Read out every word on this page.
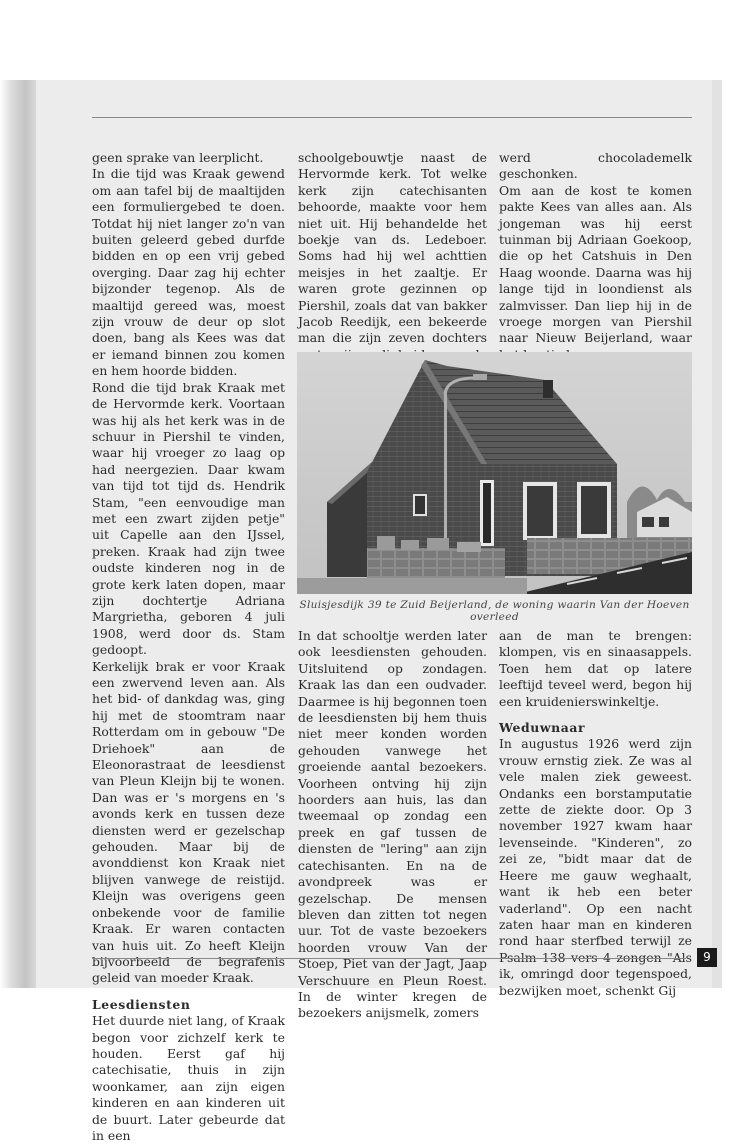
geen sprake van leerplicht.

In die tijd was Kraak gewend om aan tafel bij de maaltijden een formuliergebed te doen. Totdat hij niet langer zo'n van buiten geleerd gebed durfde bidden en op een vrij gebed overging. Daar zag hij echter bijzonder tegenop. Als de maaltijd gereed was, moest zijn vrouw de deur op slot doen, bang als Kees was dat er iemand binnen zou komen en hem hoorde bidden.

Rond die tijd brak Kraak met de Hervormde kerk. Voortaan was hij als het kerk was in de schuur in Piershil te vinden, waar hij vroeger zo laag op had neergezien. Daar kwam van tijd tot tijd ds. Hendrik Stam, "een eenvoudige man met een zwart zijden petje" uit Capelle aan den IJssel, preken. Kraak had zijn twee oudste kinderen nog in de grote kerk laten dopen, maar zijn dochtertje Adriana Margrietha, geboren 4 juli 1908, werd door ds. Stam gedoopt.

Kerkelijk brak er voor Kraak een zwervend leven aan. Als het bid- of dankdag was, ging hij met de stoomtram naar Rotterdam om in gebouw "De Driehoek" aan de Eleonorastraat de leesdienst van Pleun Kleijn bij te wonen. Dan was er 's morgens en 's avonds kerk en tussen deze diensten werd er gezelschap gehouden. Maar bij de avonddienst kon Kraak niet blijven vanwege de reistijd. Kleijn was overigens geen onbekende voor de familie Kraak. Er waren contacten van huis uit. Zo heeft Kleijn bijvoorbeeld de begrafenis geleid van moeder Kraak.

Leesdiensten

Het duurde niet lang, of Kraak begon voor zichzelf kerk te houden. Eerst gaf hij catechisatie, thuis in zijn woonkamer, aan zijn eigen kinderen en aan kinderen uit de buurt. Later gebeurde dat in een

schoolgebouwtje naast de Hervormde kerk. Tot welke kerk zijn catechisanten behoorde, maakte voor hem niet uit. Hij behandelde het boekje van ds. Ledeboer. Soms had hij wel achttien meisjes in het zaaltje. Er waren grote gezinnen op Piershil, zoals dat van bakker Jacob Reedijk, een bekeerde man die zijn zeven dochters

werd chocolademelk geschonken.

Om aan de kost te komen pakte Kees van alles aan. Als jongeman was hij eerst tuinman bij Adriaan Goekoop, die op het Catshuis in Den Haag woonde. Daarna was hij lange tijd in loondienst als zalmvisser. Dan liep hij in de vroege morgen van Piershil naar Nieuw Beijerland, waar

Sluisjesdijk 39 te Zuid Beijerland, de woning waarin Van der Hoeven overleed

In dat schooltje werden later ook leesdiensten gehouden. Uitsluitend op zondagen. Kraak las dan een oudvader. Daarmee is hij begonnen toen de leesdiensten bij hem thuis niet meer konden worden gehouden vanwege het groeiende aantal bezoekers. Voorheen ontving hij zijn hoorders aan huis, las dan tweemaal op zondag een preek en gaf tussen de diensten de "lering" aan zijn catechisanten. En na de avondpreek was er gezelschap. De mensen bleven dan zitten tot negen uur. Tot de vaste bezoekers hoorden vrouw Van der Stoep, Piet van der Jagt, Jaap Verschuure en Pleun Roest. In de winter kregen de bezoekers anijsmelk, zomers

aan de man te brengen: klompen, vis en sinaasappels. Toen hem dat op latere leeftijd teveel werd, begon hij een kruidenierswinkeltje.

Weduwnaar

In augustus 1926 werd zijn vrouw ernstig ziek. Ze was al vele malen ziek geweest. Ondanks een borstamputatie zette de ziekte door. Op 3 november 1927 kwam haar levenseinde. "Kinderen", zo zei ze, "bidt maar dat de Heere me gauw weghaalt, want ik heb een beter vaderland". Op een nacht zaten haar man en kinderen rond haar sterfbed terwijl ze Psalm 138 vers 4 zongen "Als ik, omringd door tegenspoed, bezwijken moet, schenkt Gij

9
